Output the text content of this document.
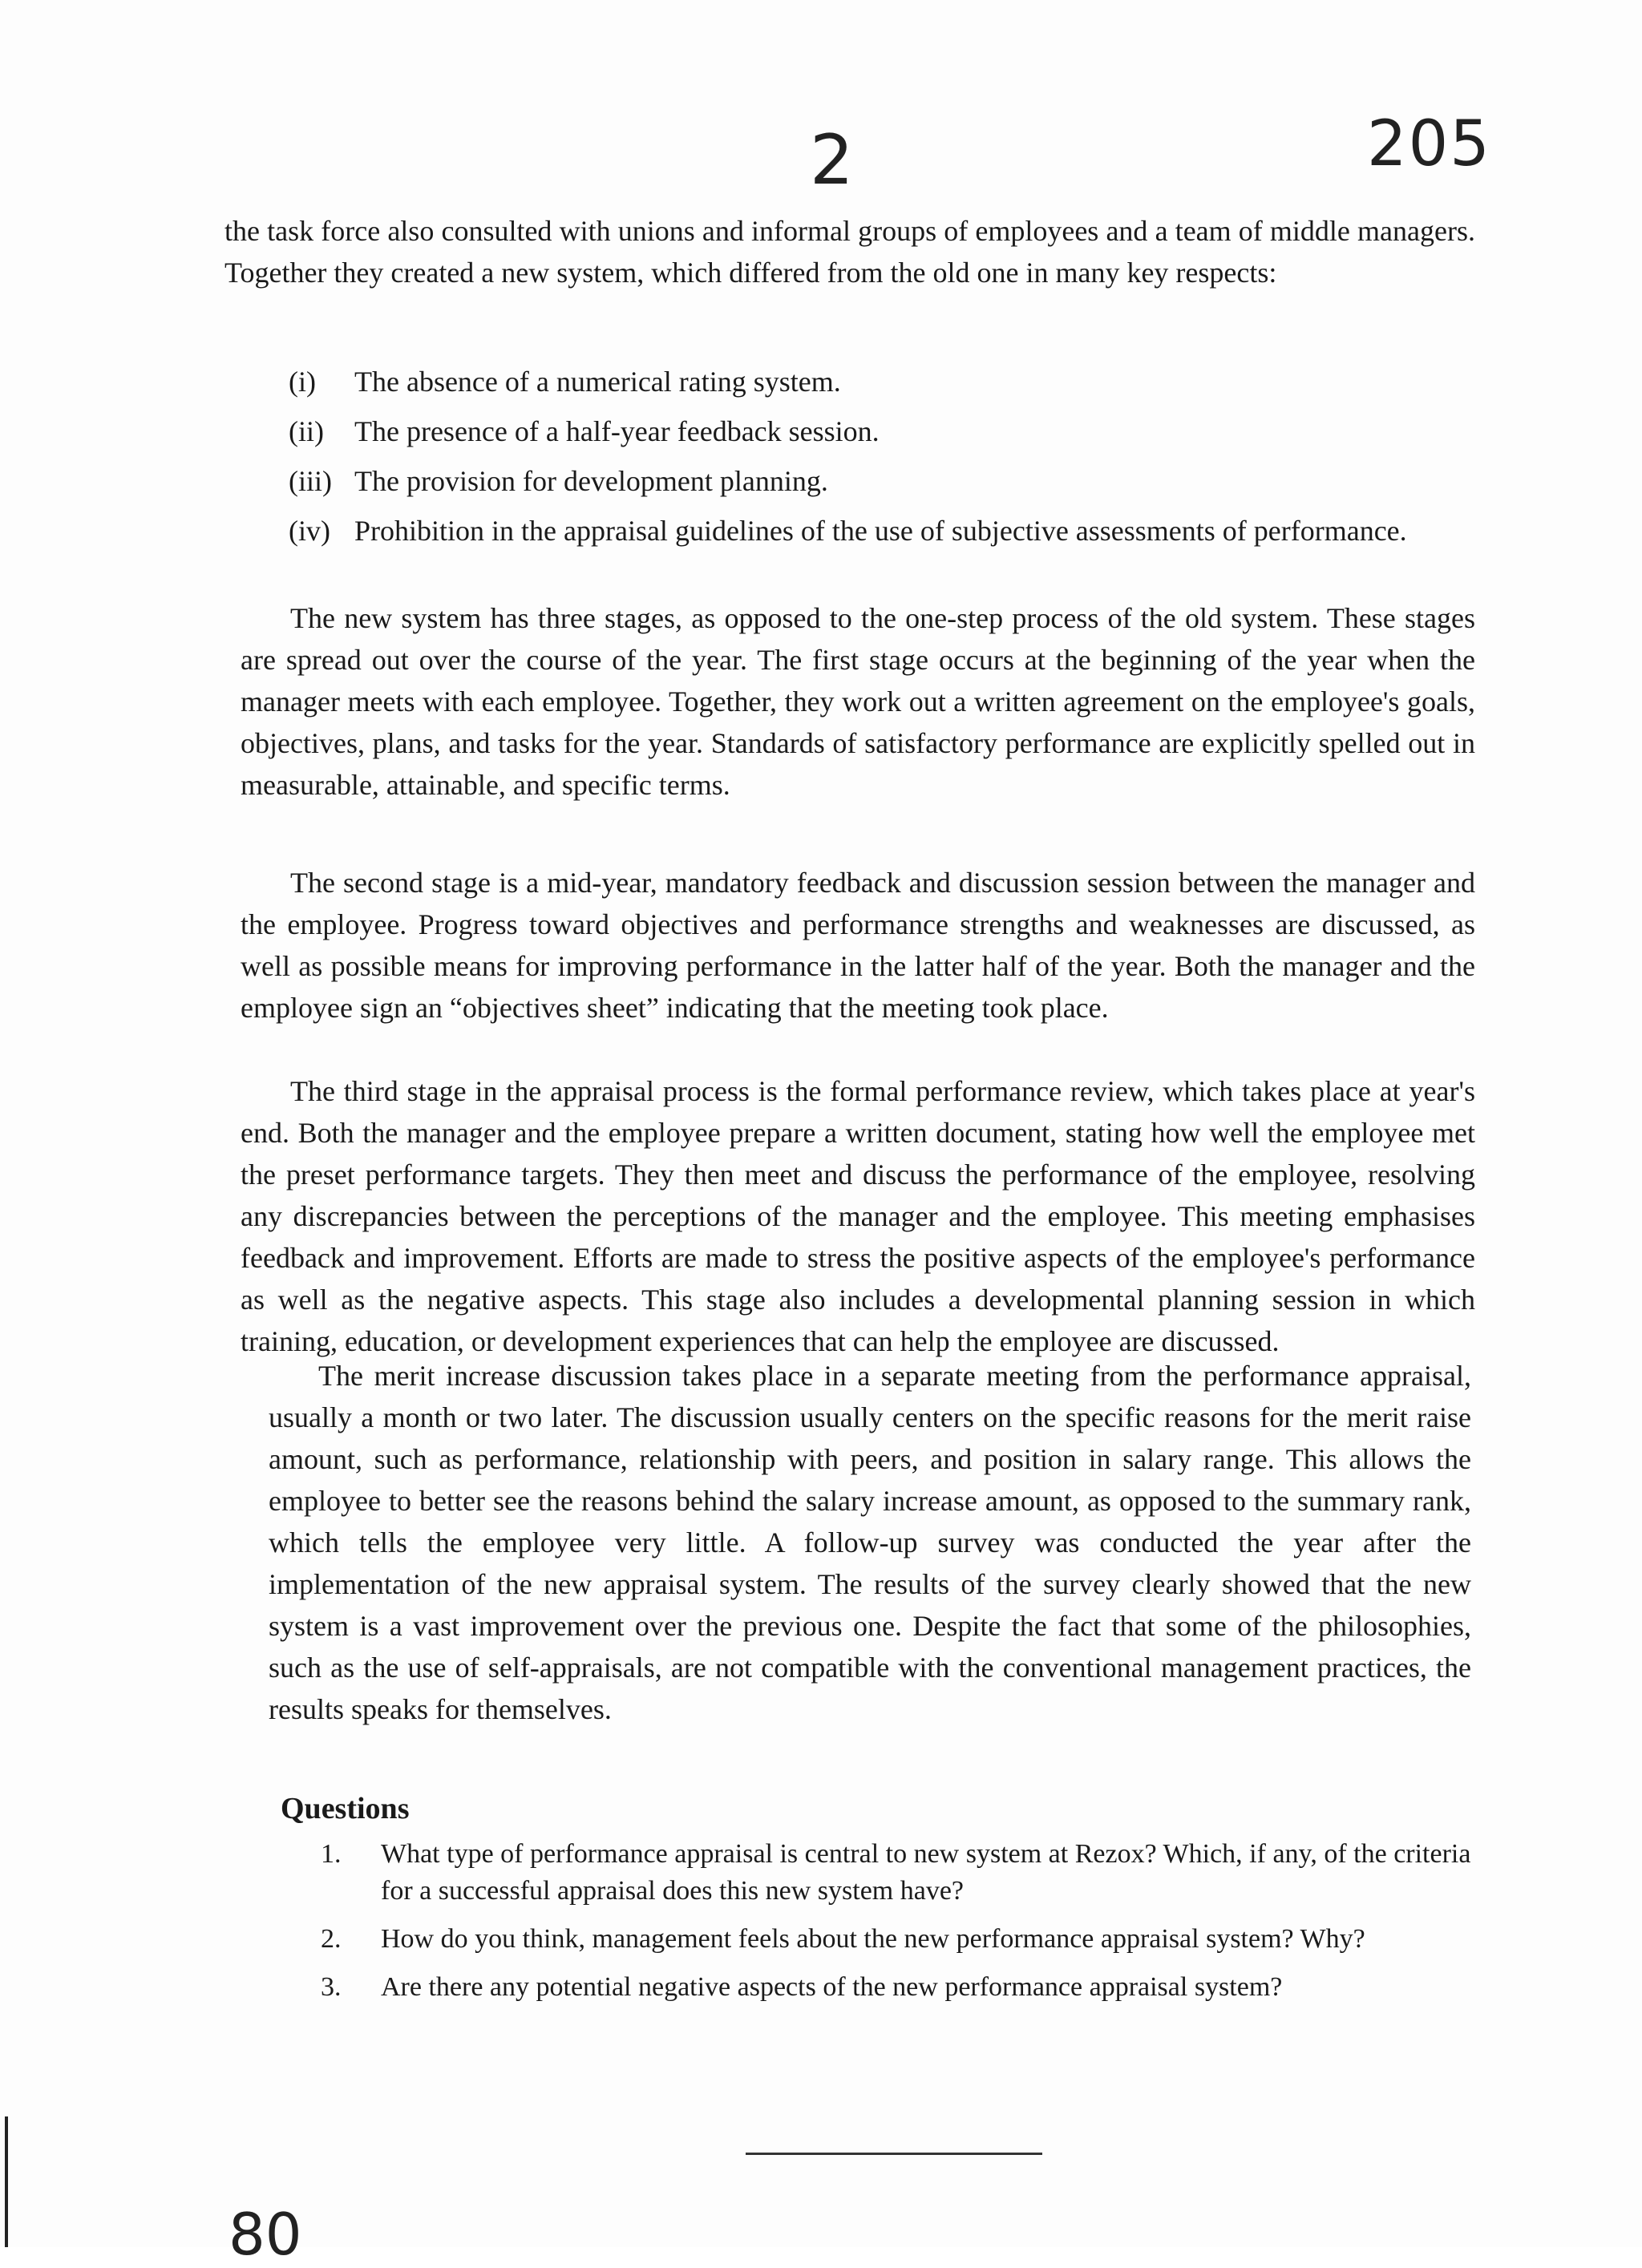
2	205
the task force also consulted with unions and informal groups of employees and a team of middle managers. Together they created a new system, which differed from the old one in many key respects:
(i)	The absence of a numerical rating system.
(ii)	The presence of a half-year feedback session.
(iii) The provision for development planning.
(iv) Prohibition in the appraisal guidelines of the use of subjective assessments of performance.

The new system has three stages, as opposed to the one-step process of the old system. These stages are spread out over the course of the year. The first stage occurs at the beginning of the year when the manager meets with each employee. Together, they work out a written agreement on the employee's goals, objectives, plans, and tasks for the year. Standards of satisfactory performance are explicitly spelled out in measurable, attainable, and specific terms.

The second stage is a mid-year, mandatory feedback and discussion session between the manager and the employee. Progress toward objectives and performance strengths and weaknesses are discussed, as well as possible means for improving performance in the latter half of the year. Both the manager and the employee sign an “objectives sheet” indicating that the meeting took place.

The third stage in the appraisal process is the formal performance review, which takes place at year's end. Both the manager and the employee prepare a written document, stating how well the employee met the preset performance targets. They then meet and discuss the performance of the employee, resolving any discrepancies between the perceptions of the manager and the employee. This meeting emphasises feedback and improvement. Efforts are made to stress the positive aspects of the employee's performance as well as the negative aspects. This stage also includes a developmental planning session in which training, education, or development experiences that can help the employee are discussed.

The merit increase discussion takes place in a separate meeting from the performance appraisal, usually a month or two later. The discussion usually centers on the specific reasons for the merit raise amount, such as performance, relationship with peers, and position in salary range. This allows the employee to better see the reasons behind the salary increase amount, as opposed to the summary rank, which tells the employee very little. A follow-up survey was conducted the year after the implementation of the new appraisal system. The results of the survey clearly showed that the new system is a vast improvement over the previous one. Despite the fact that some of the philosophies, such as the use of self-appraisals, are not compatible with the conventional management practices, the results speaks for themselves.

Questions
1.	What type of performance appraisal is central to new system at Rezox? Which, if any, of the criteria for a successful appraisal does this new system have?
2.	How do you think, management feels about the new performance appraisal system? Why?
3.	Are there any potential negative aspects of the new performance appraisal system?
80
